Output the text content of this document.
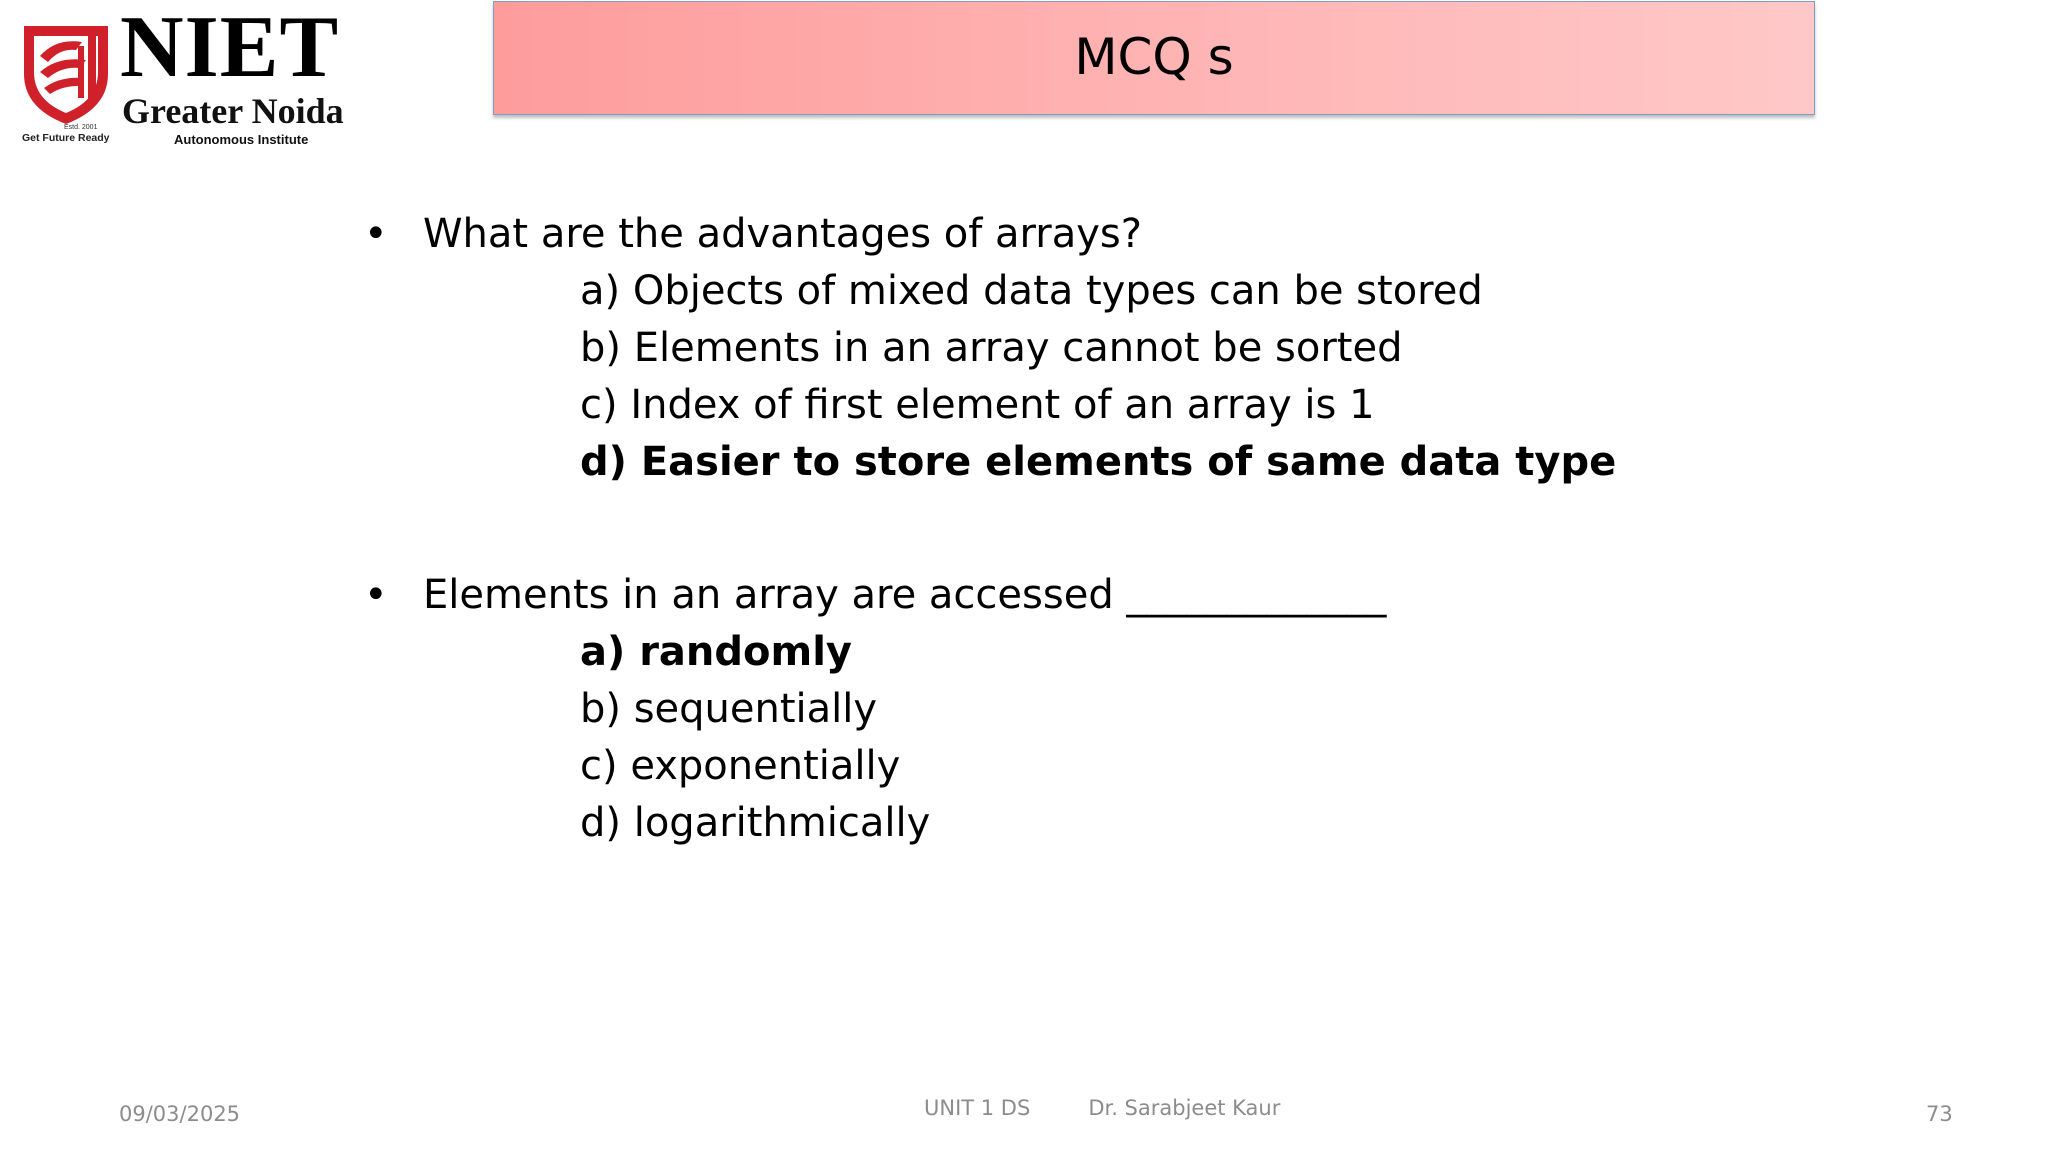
Estd. 2001
Get Future Ready
NIET
Greater Noida
Autonomous Institute
MCQ s
• What are the advantages of arrays?
a) Objects of mixed data types can be stored
b) Elements in an array cannot be sorted
c) Index of first element of an array is 1
d) Easier to store elements of same data type
• Elements in an array are accessed _____________
a) randomly
b) sequentially
c) exponentially
d) logarithmically
09/03/2025	UNIT 1 DS	Dr. Sarabjeet Kaur	73
